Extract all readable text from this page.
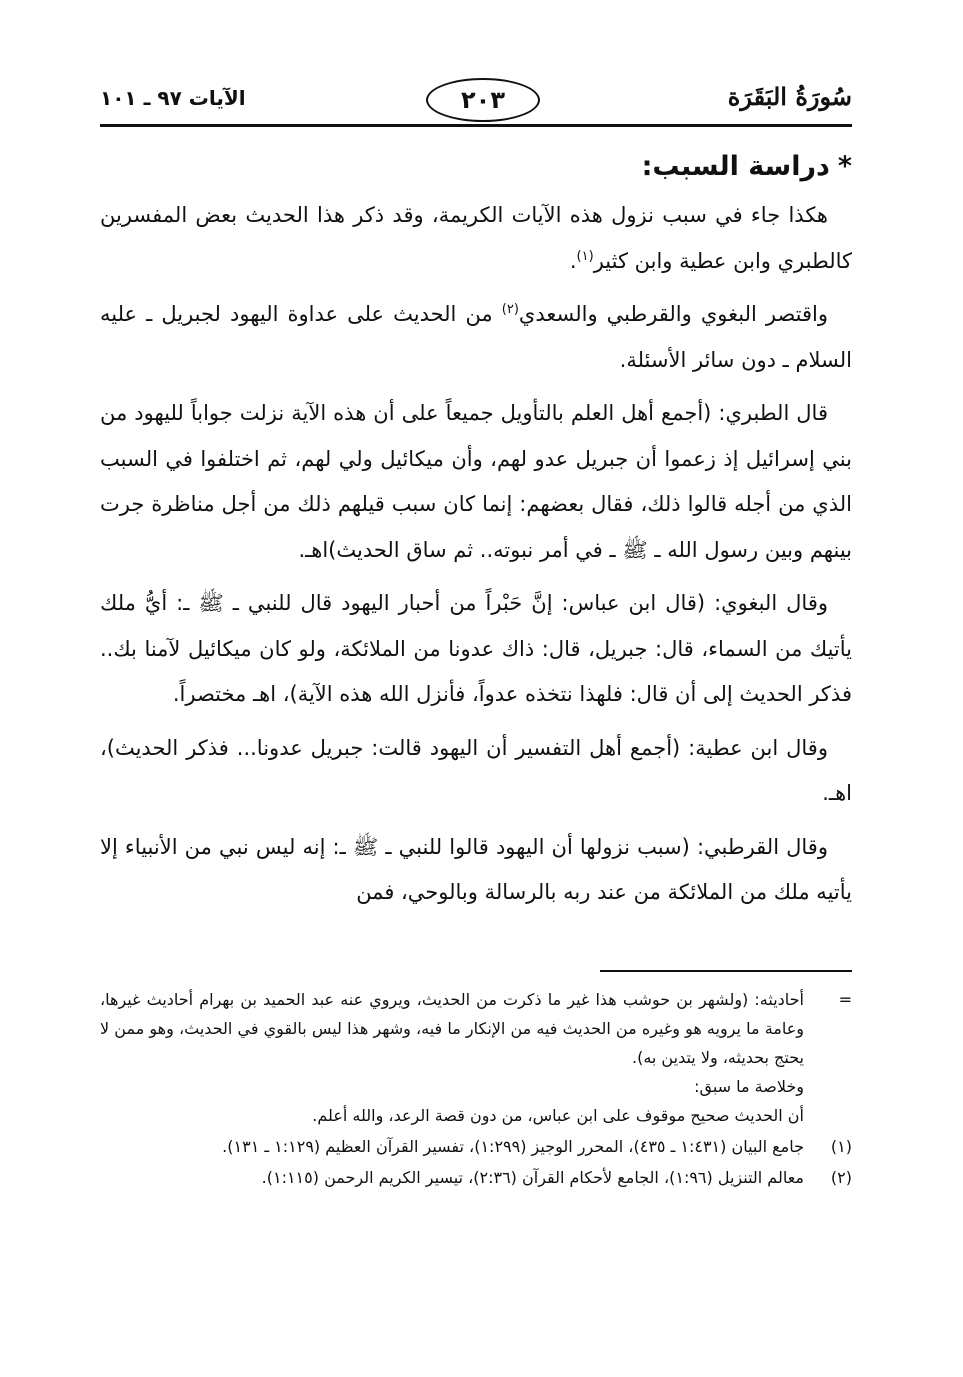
سُورَةُ البَقَرَة
٢٠٣
الآيات ٩٧ ـ ١٠١
*دراسة السبب:

هكذا جاء في سبب نزول هذه الآيات الكريمة، وقد ذكر هذا الحديث بعض المفسرين كالطبري وابن عطية وابن كثير$^{(١)}$.

واقتصر البغوي والقرطبي والسعدي$^{(٢)}$ من الحديث على عداوة اليهود لجبريل ـ عليه السلام ـ دون سائر الأسئلة.

قال الطبري: (أجمع أهل العلم بالتأويل جميعاً على أن هذه الآية نزلت جواباً لليهود من بني إسرائيل إذ زعموا أن جبريل عدو لهم، وأن ميكائيل ولي لهم، ثم اختلفوا في السبب الذي من أجله قالوا ذلك، فقال بعضهم: إنما كان سبب قيلهم ذلك من أجل مناظرة جرت بينهم وبين رسول الله ـ ﷺ ـ في أمر نبوته.. ثم ساق الحديث)اهـ.

وقال البغوي: (قال ابن عباس: إنَّ حَبْراً من أحبار اليهود قال للنبي ـ ﷺ ـ: أيُّ ملك يأتيك من السماء، قال: جبريل، قال: ذاك عدونا من الملائكة، ولو كان ميكائيل لآمنا بك.. فذكر الحديث إلى أن قال: فلهذا نتخذه عدواً، فأنزل الله هذه الآية)، اهـ مختصراً.

وقال ابن عطية: (أجمع أهل التفسير أن اليهود قالت: جبريل عدونا... فذكر الحديث)، اهـ.

وقال القرطبي: (سبب نزولها أن اليهود قالوا للنبي ـ ﷺ ـ: إنه ليس نبي من الأنبياء إلا يأتيه ملك من الملائكة من عند ربه بالرسالة وبالوحي، فمن

=

أحاديثه: (ولشهر بن حوشب هذا غير ما ذكرت من الحديث، ويروي عنه عبد الحميد بن بهرام أحاديث غيرها، وعامة ما يرويه هو وغيره من الحديث فيه من الإنكار ما فيه، وشهر هذا ليس بالقوي في الحديث، وهو ممن لا يحتج بحديثه، ولا يتدين به).

وخلاصة ما سبق:

أن الحديث صحيح موقوف على ابن عباس، من دون قصة الرعد، والله أعلم.

(١)

جامع البيان (١:٤٣١ ـ ٤٣٥)، المحرر الوجيز (١:٢٩٩)، تفسير القرآن العظيم (١:١٢٩ ـ ١٣١).

(٢)

معالم التنزيل (١:٩٦)، الجامع لأحكام القرآن (٢:٣٦)، تيسير الكريم الرحمن (١:١١٥).
